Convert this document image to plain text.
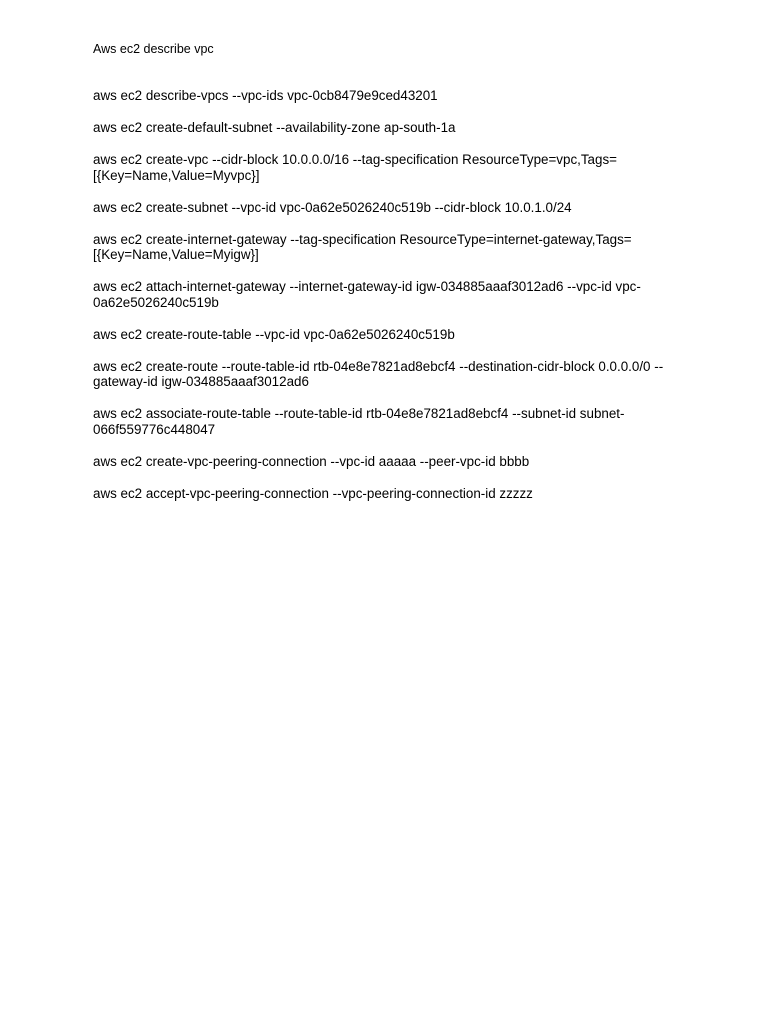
Aws ec2 describe vpc
aws ec2 describe-vpcs --vpc-ids vpc-0cb8479e9ced43201
aws ec2 create-default-subnet --availability-zone ap-south-1a
aws ec2 create-vpc --cidr-block 10.0.0.0/16 --tag-specification ResourceType=vpc,Tags=[{Key=Name,Value=Myvpc}]
aws ec2 create-subnet --vpc-id vpc-0a62e5026240c519b --cidr-block 10.0.1.0/24
aws ec2 create-internet-gateway --tag-specification ResourceType=internet-gateway,Tags=[{Key=Name,Value=Myigw}]
aws ec2 attach-internet-gateway --internet-gateway-id igw-034885aaaf3012ad6 --vpc-id vpc-0a62e5026240c519b
aws ec2 create-route-table --vpc-id vpc-0a62e5026240c519b
aws ec2 create-route --route-table-id rtb-04e8e7821ad8ebcf4 --destination-cidr-block 0.0.0.0/0 --gateway-id igw-034885aaaf3012ad6
aws ec2 associate-route-table --route-table-id rtb-04e8e7821ad8ebcf4 --subnet-id subnet-066f559776c448047
aws ec2 create-vpc-peering-connection --vpc-id aaaaa --peer-vpc-id bbbb
aws ec2 accept-vpc-peering-connection --vpc-peering-connection-id zzzzz
